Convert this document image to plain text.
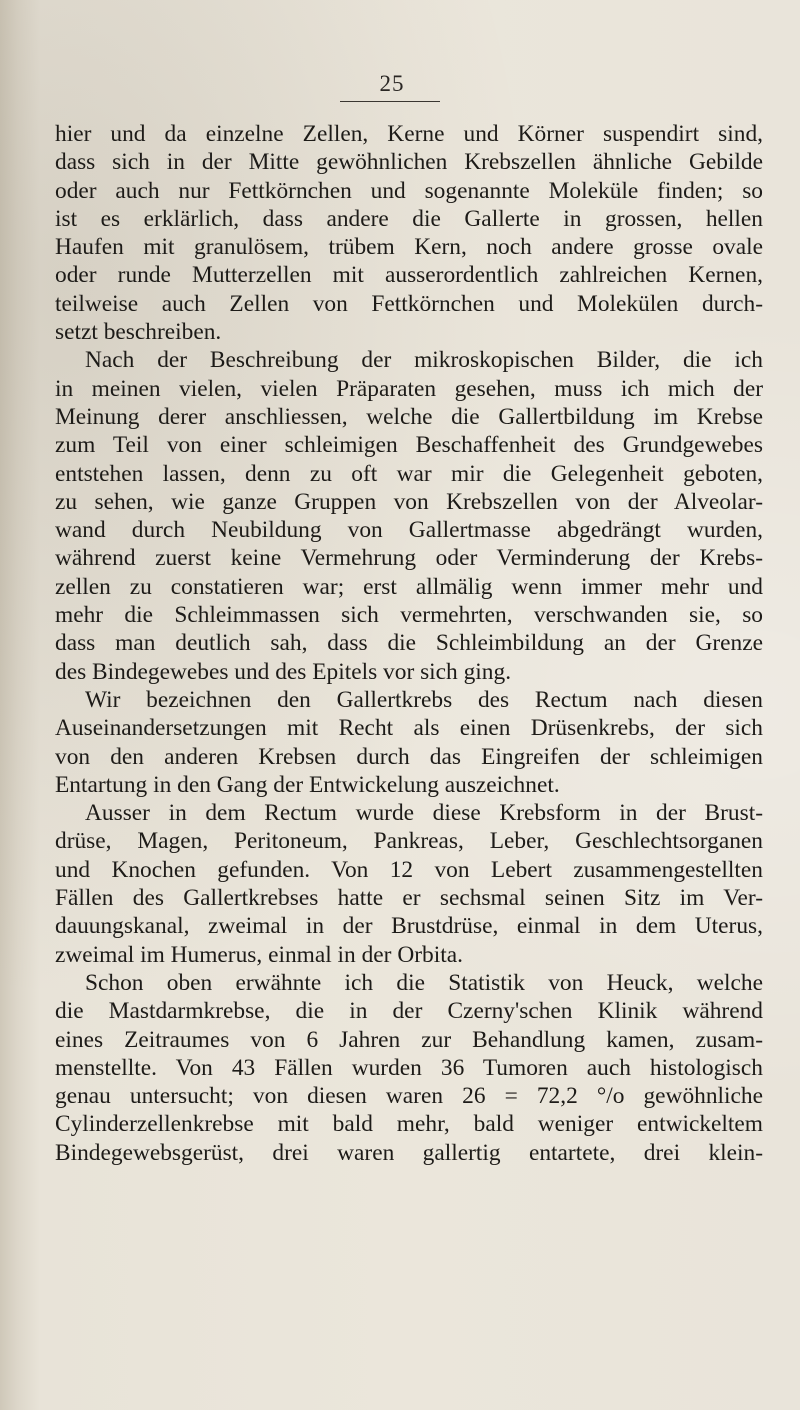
25
hier und da einzelne Zellen, Kerne und Körner suspendirt sind,
dass sich in der Mitte gewöhnlichen Krebszellen ähnliche Gebilde
oder auch nur Fettkörnchen und sogenannte Moleküle finden; so
ist es erklärlich, dass andere die Gallerte in grossen, hellen
Haufen mit granulösem, trübem Kern, noch andere grosse ovale
oder runde Mutterzellen mit ausserordentlich zahlreichen Kernen,
teilweise auch Zellen von Fettkörnchen und Molekülen durch-
setzt beschreiben.
Nach der Beschreibung der mikroskopischen Bilder, die ich
in meinen vielen, vielen Präparaten gesehen, muss ich mich der
Meinung derer anschliessen, welche die Gallertbildung im Krebse
zum Teil von einer schleimigen Beschaffenheit des Grundgewebes
entstehen lassen, denn zu oft war mir die Gelegenheit geboten,
zu sehen, wie ganze Gruppen von Krebszellen von der Alveolar-
wand durch Neubildung von Gallertmasse abgedrängt wurden,
während zuerst keine Vermehrung oder Verminderung der Krebs-
zellen zu constatieren war; erst allmälig wenn immer mehr und
mehr die Schleimmassen sich vermehrten, verschwanden sie, so
dass man deutlich sah, dass die Schleimbildung an der Grenze
des Bindegewebes und des Epitels vor sich ging.
Wir bezeichnen den Gallertkrebs des Rectum nach diesen
Auseinandersetzungen mit Recht als einen Drüsenkrebs, der sich
von den anderen Krebsen durch das Eingreifen der schleimigen
Entartung in den Gang der Entwickelung auszeichnet.
Ausser in dem Rectum wurde diese Krebsform in der Brust-
drüse, Magen, Peritoneum, Pankreas, Leber, Geschlechtsorganen
und Knochen gefunden. Von 12 von Lebert zusammengestellten
Fällen des Gallertkrebses hatte er sechsmal seinen Sitz im Ver-
dauungskanal, zweimal in der Brustdrüse, einmal in dem Uterus,
zweimal im Humerus, einmal in der Orbita.
Schon oben erwähnte ich die Statistik von Heuck, welche
die Mastdarmkrebse, die in der Czerny'schen Klinik während
eines Zeitraumes von 6 Jahren zur Behandlung kamen, zusam-
menstellte. Von 43 Fällen wurden 36 Tumoren auch histologisch
genau untersucht; von diesen waren 26 = 72,2 °/o gewöhnliche
Cylinderzellenkrebse mit bald mehr, bald weniger entwickeltem
Bindegewebsgerüst, drei waren gallertig entartete, drei klein-
